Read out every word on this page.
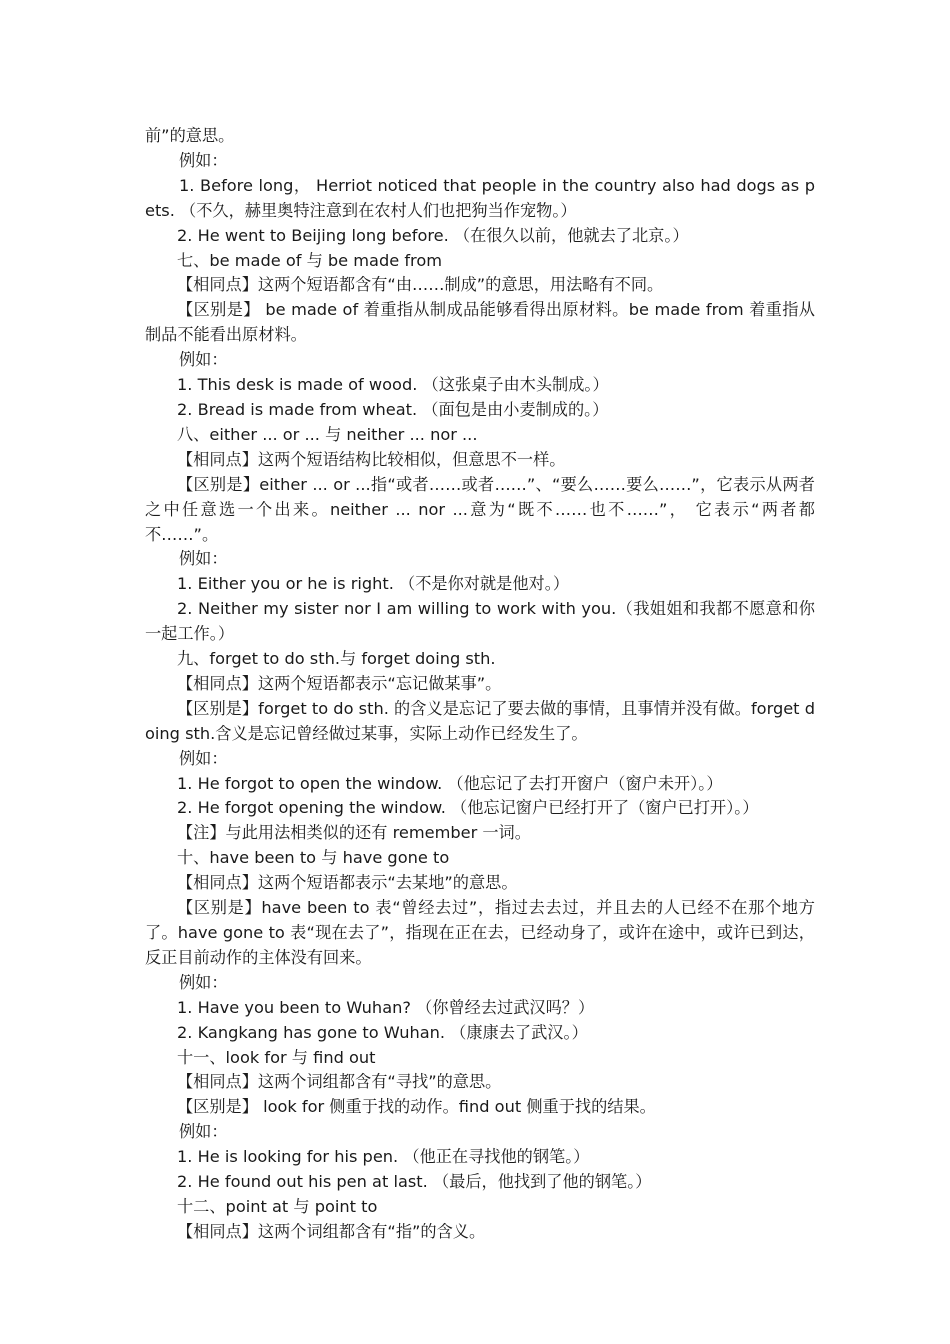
前”的意思。

例如：

1. Before long， Herriot noticed that people in the country also had dogs as pets. （不久，赫里奥特注意到在农村人们也把狗当作宠物。）

2. He went to Beijing long before. （在很久以前，他就去了北京。）

七、be made of 与 be made from

【相同点】这两个短语都含有“由……制成”的意思，用法略有不同。

【区别是】 be made of 着重指从制成品能够看得出原材料。be made from 着重指从制品不能看出原材料。

例如：

1. This desk is made of wood. （这张桌子由木头制成。）

2. Bread is made from wheat. （面包是由小麦制成的。）

八、either ... or ... 与 neither ... nor ...

【相同点】这两个短语结构比较相似，但意思不一样。

【区别是】either ... or ...指“或者……或者……”、“要么……要么……”，它表示从两者之中任意选一个出来。neither ... nor ...意为“既不……也不……”， 它表示“两者都不……”。

例如：

1. Either you or he is right. （不是你对就是他对。）

2. Neither my sister nor I am willing to work with you.（我姐姐和我都不愿意和你一起工作。）

九、forget to do sth.与 forget doing sth.

【相同点】这两个短语都表示“忘记做某事”。

【区别是】forget to do sth. 的含义是忘记了要去做的事情，且事情并没有做。forget doing sth.含义是忘记曾经做过某事，实际上动作已经发生了。

例如：

1. He forgot to open the window. （他忘记了去打开窗户（窗户未开）。）

2. He forgot opening the window. （他忘记窗户已经打开了（窗户已打开）。）

【注】与此用法相类似的还有 remember 一词。

十、have been to 与 have gone to

【相同点】这两个短语都表示“去某地”的意思。

【区别是】have been to 表“曾经去过”，指过去去过，并且去的人已经不在那个地方了。have gone to 表“现在去了”，指现在正在去，已经动身了，或许在途中，或许已到达，反正目前动作的主体没有回来。

例如：

1. Have you been to Wuhan? （你曾经去过武汉吗？）

2. Kangkang has gone to Wuhan. （康康去了武汉。）

十一、look for 与 find out

【相同点】这两个词组都含有“寻找”的意思。

【区别是】 look for 侧重于找的动作。find out 侧重于找的结果。

例如：

1. He is looking for his pen. （他正在寻找他的钢笔。）

2. He found out his pen at last. （最后，他找到了他的钢笔。）

十二、point at 与 point to

【相同点】这两个词组都含有“指”的含义。
